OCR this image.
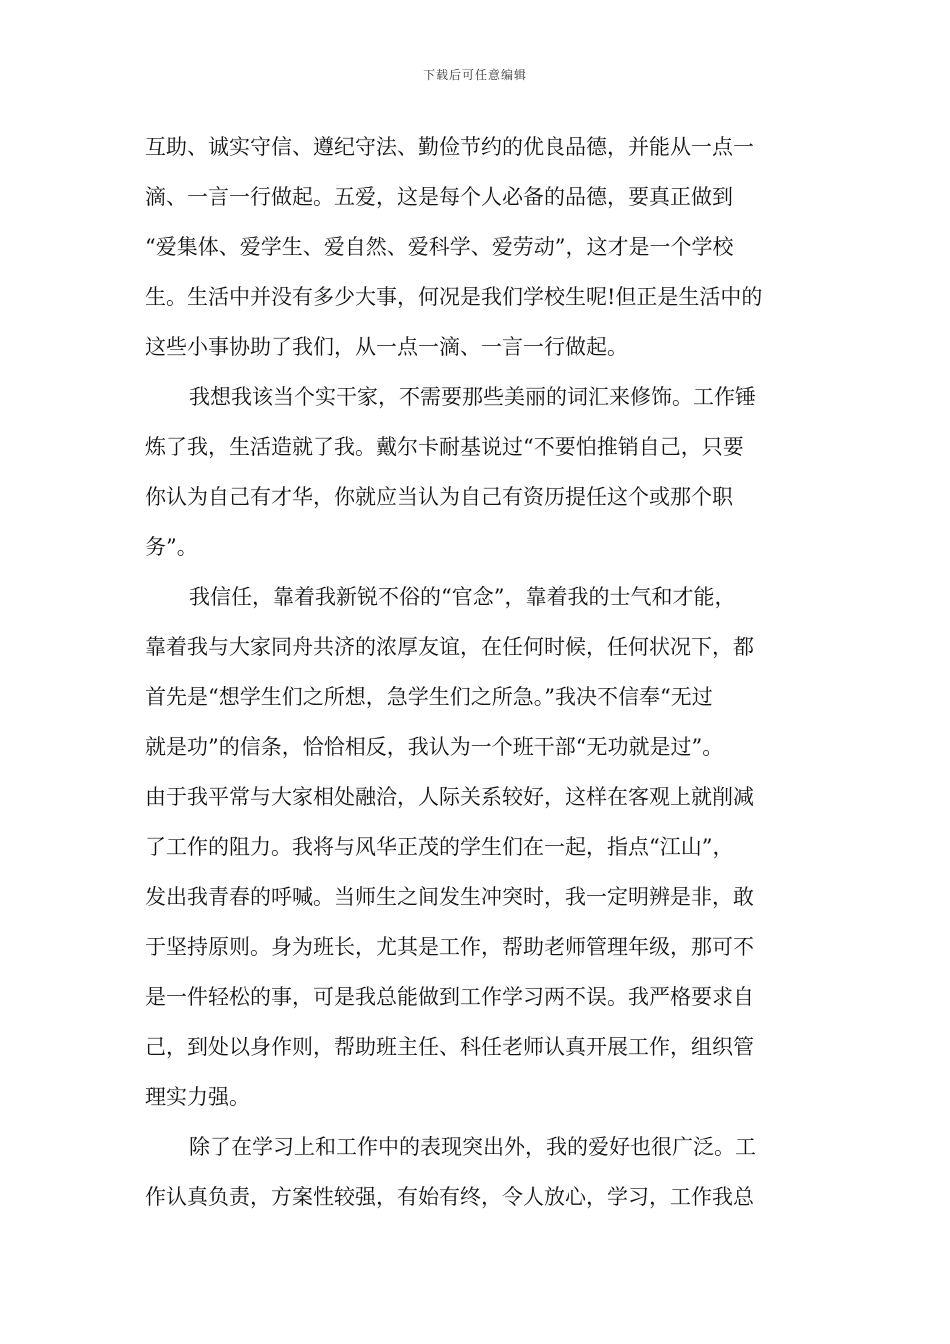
下载后可任意编辑
互助、诚实守信、遵纪守法、勤俭节约的优良品德，并能从一点一
滴、一言一行做起。五爱，这是每个人必备的品德，要真正做到
“爱集体、爱学生、爱自然、爱科学、爱劳动”，这才是一个学校
生。生活中并没有多少大事，何况是我们学校生呢!但正是生活中的
这些小事协助了我们，从一点一滴、一言一行做起。
我想我该当个实干家，不需要那些美丽的词汇来修饰。工作锤
炼了我，生活造就了我。戴尔卡耐基说过“不要怕推销自己，只要
你认为自己有才华，你就应当认为自己有资历提任这个或那个职
务”。
我信任，靠着我新锐不俗的“官念”，靠着我的士气和才能，
靠着我与大家同舟共济的浓厚友谊，在任何时候，任何状况下，都
首先是“想学生们之所想，急学生们之所急。”我决不信奉“无过
就是功”的信条，恰恰相反，我认为一个班干部“无功就是过”。
由于我平常与大家相处融洽，人际关系较好，这样在客观上就削减
了工作的阻力。我将与风华正茂的学生们在一起，指点“江山”，
发出我青春的呼喊。当师生之间发生冲突时，我一定明辨是非，敢
于坚持原则。身为班长，尤其是工作，帮助老师管理年级，那可不
是一件轻松的事，可是我总能做到工作学习两不误。我严格要求自
己，到处以身作则，帮助班主任、科任老师认真开展工作，组织管
理实力强。
除了在学习上和工作中的表现突出外，我的爱好也很广泛。工
作认真负责，方案性较强，有始有终，令人放心，学习，工作我总
